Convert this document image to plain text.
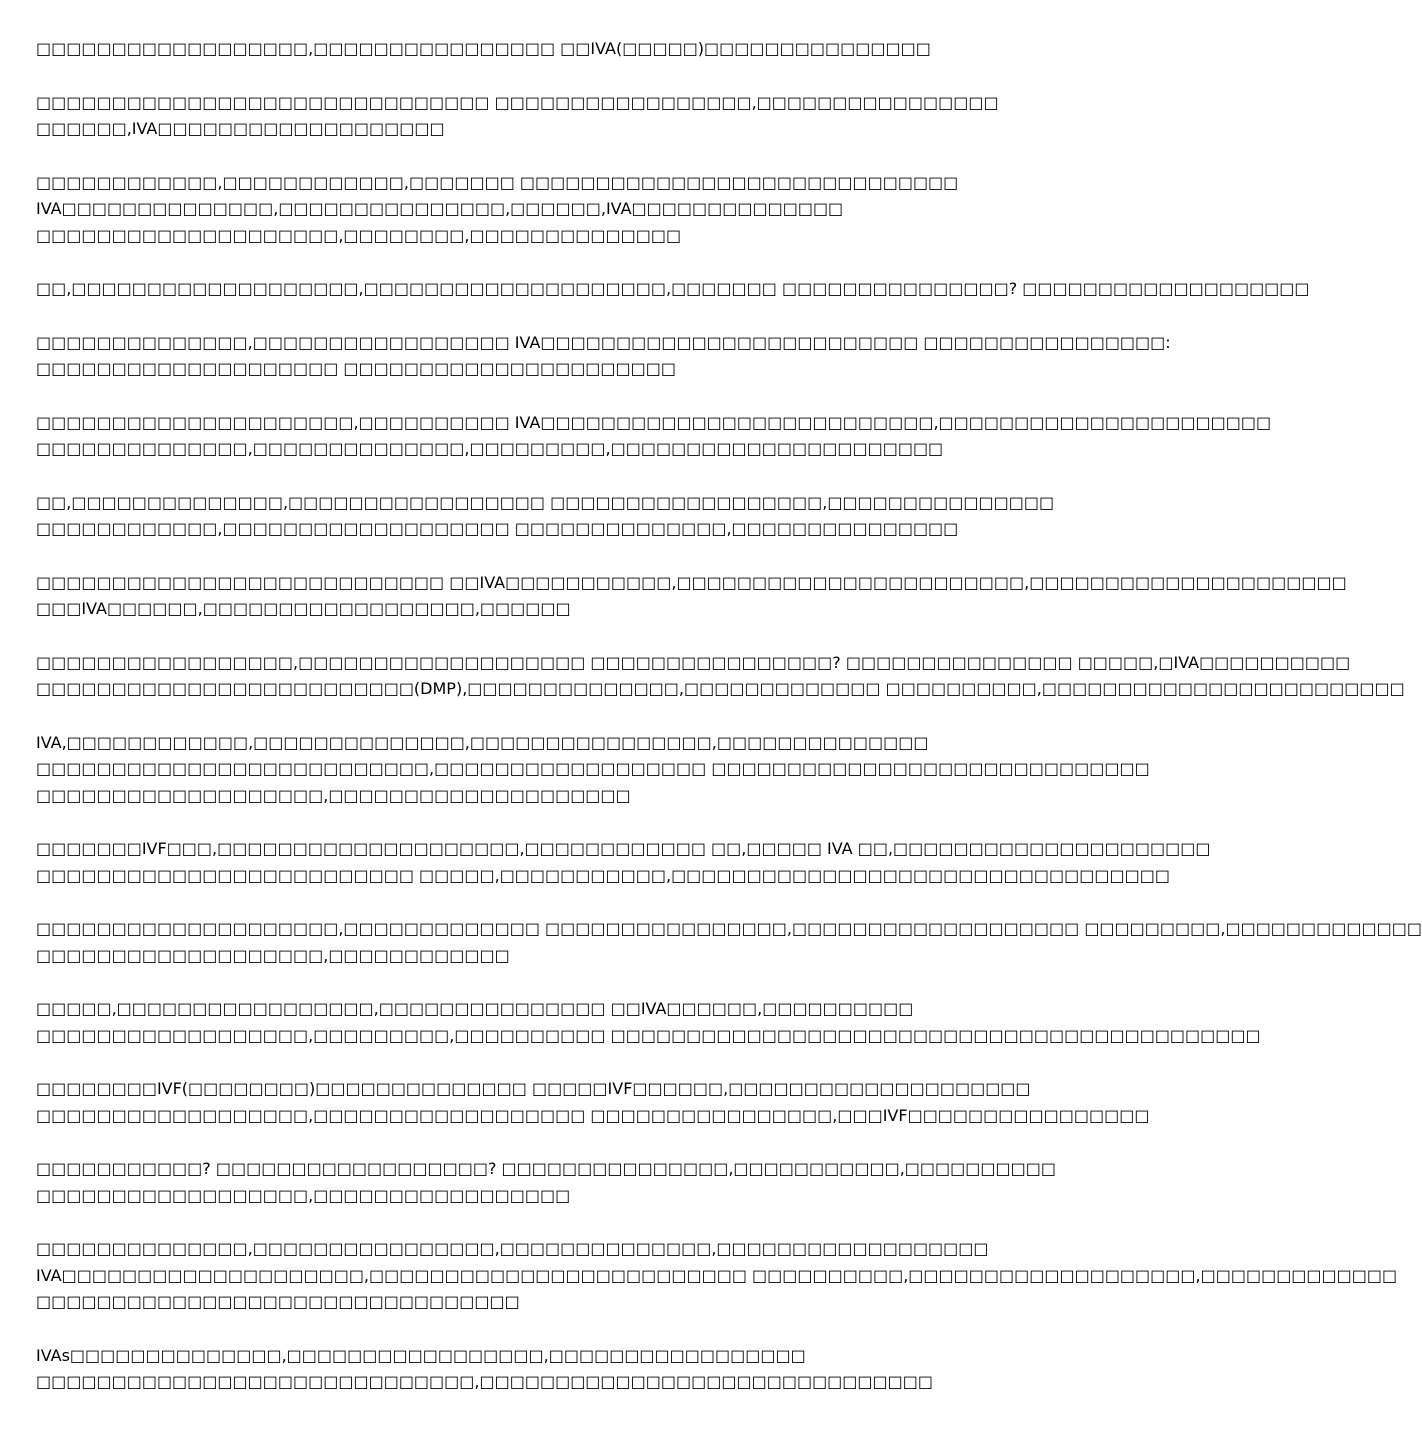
□□□□□□□□□□□□□□□□□□,□□□□□□□□□□□□□□□□ □□IVA(□□□□□)□□□□□□□□□□□□□□□

□□□□□□□□□□□□□□□□□□□□□□□□□□□□□□ □□□□□□□□□□□□□□□□□,□□□□□□□□□□□□□□□□
□□□□□□,IVA□□□□□□□□□□□□□□□□□□□

□□□□□□□□□□□□,□□□□□□□□□□□□,□□□□□□□ □□□□□□□□□□□□□□□□□□□□□□□□□□□□□
IVA□□□□□□□□□□□□□□,□□□□□□□□□□□□□□□,□□□□□□,IVA□□□□□□□□□□□□□□
□□□□□□□□□□□□□□□□□□□□,□□□□□□□□,□□□□□□□□□□□□□□

□□,□□□□□□□□□□□□□□□□□□□,□□□□□□□□□□□□□□□□□□□□,□□□□□□□ □□□□□□□□□□□□□□□? □□□□□□□□□□□□□□□□□□□

□□□□□□□□□□□□□□,□□□□□□□□□□□□□□□□□ IVA□□□□□□□□□□□□□□□□□□□□□□□□□ □□□□□□□□□□□□□□□□:
□□□□□□□□□□□□□□□□□□□□ □□□□□□□□□□□□□□□□□□□□□□

□□□□□□□□□□□□□□□□□□□□□,□□□□□□□□□□ IVA□□□□□□□□□□□□□□□□□□□□□□□□□□,□□□□□□□□□□□□□□□□□□□□□□
□□□□□□□□□□□□□□,□□□□□□□□□□□□□□,□□□□□□□□□,□□□□□□□□□□□□□□□□□□□□□□

□□,□□□□□□□□□□□□□□,□□□□□□□□□□□□□□□□□ □□□□□□□□□□□□□□□□□□,□□□□□□□□□□□□□□□
□□□□□□□□□□□□,□□□□□□□□□□□□□□□□□□□ □□□□□□□□□□□□□□,□□□□□□□□□□□□□□□

□□□□□□□□□□□□□□□□□□□□□□□□□□□ □□IVA□□□□□□□□□□□,□□□□□□□□□□□□□□□□□□□□□□□,□□□□□□□□□□□□□□□□□□□□□
□□□IVA□□□□□□,□□□□□□□□□□□□□□□□□□,□□□□□□

□□□□□□□□□□□□□□□□□,□□□□□□□□□□□□□□□□□□□ □□□□□□□□□□□□□□□□? □□□□□□□□□□□□□□□ □□□□□,□IVA□□□□□□□□□□
□□□□□□□□□□□□□□□□□□□□□□□□□(DMP),□□□□□□□□□□□□□□,□□□□□□□□□□□□□ □□□□□□□□□□,□□□□□□□□□□□□□□□□□□□□□□□□

IVA,□□□□□□□□□□□□,□□□□□□□□□□□□□□,□□□□□□□□□□□□□□□□,□□□□□□□□□□□□□□
□□□□□□□□□□□□□□□□□□□□□□□□□□,□□□□□□□□□□□□□□□□□□ □□□□□□□□□□□□□□□□□□□□□□□□□□□□□
□□□□□□□□□□□□□□□□□□□,□□□□□□□□□□□□□□□□□□□□

□□□□□□□IVF□□□,□□□□□□□□□□□□□□□□□□□□,□□□□□□□□□□□□ □□,□□□□□ IVA □□,□□□□□□□□□□□□□□□□□□□□□
□□□□□□□□□□□□□□□□□□□□□□□□□ □□□□□,□□□□□□□□□□□,□□□□□□□□□□□□□□□□□□□□□□□□□□□□□□□□□

□□□□□□□□□□□□□□□□□□□□,□□□□□□□□□□□□□ □□□□□□□□□□□□□□□□,□□□□□□□□□□□□□□□□□□□ □□□□□□□□□,□□□□□□□□□□□□□
□□□□□□□□□□□□□□□□□□□,□□□□□□□□□□□□

□□□□□,□□□□□□□□□□□□□□□□□,□□□□□□□□□□□□□□□ □□IVA□□□□□□,□□□□□□□□□□
□□□□□□□□□□□□□□□□□□,□□□□□□□□□,□□□□□□□□□□ □□□□□□□□□□□□□□□□□□□□□□□□□□□□□□□□□□□□□□□□□□□

□□□□□□□□IVF(□□□□□□□□)□□□□□□□□□□□□□□ □□□□□IVF□□□□□□,□□□□□□□□□□□□□□□□□□□□
□□□□□□□□□□□□□□□□□□,□□□□□□□□□□□□□□□□□□ □□□□□□□□□□□□□□□□,□□□IVF□□□□□□□□□□□□□□□□

□□□□□□□□□□□? □□□□□□□□□□□□□□□□□□? □□□□□□□□□□□□□□□,□□□□□□□□□□□,□□□□□□□□□□
□□□□□□□□□□□□□□□□□□,□□□□□□□□□□□□□□□□□

□□□□□□□□□□□□□□,□□□□□□□□□□□□□□□□,□□□□□□□□□□□□□□,□□□□□□□□□□□□□□□□□□
IVA□□□□□□□□□□□□□□□□□□□□,□□□□□□□□□□□□□□□□□□□□□□□□□ □□□□□□□□□□,□□□□□□□□□□□□□□□□□□□,□□□□□□□□□□□□□
□□□□□□□□□□□□□□□□□□□□□□□□□□□□□□□□

IVAs□□□□□□□□□□□□□□,□□□□□□□□□□□□□□□□□,□□□□□□□□□□□□□□□□□
□□□□□□□□□□□□□□□□□□□□□□□□□□□□□,□□□□□□□□□□□□□□□□□□□□□□□□□□□□□□
